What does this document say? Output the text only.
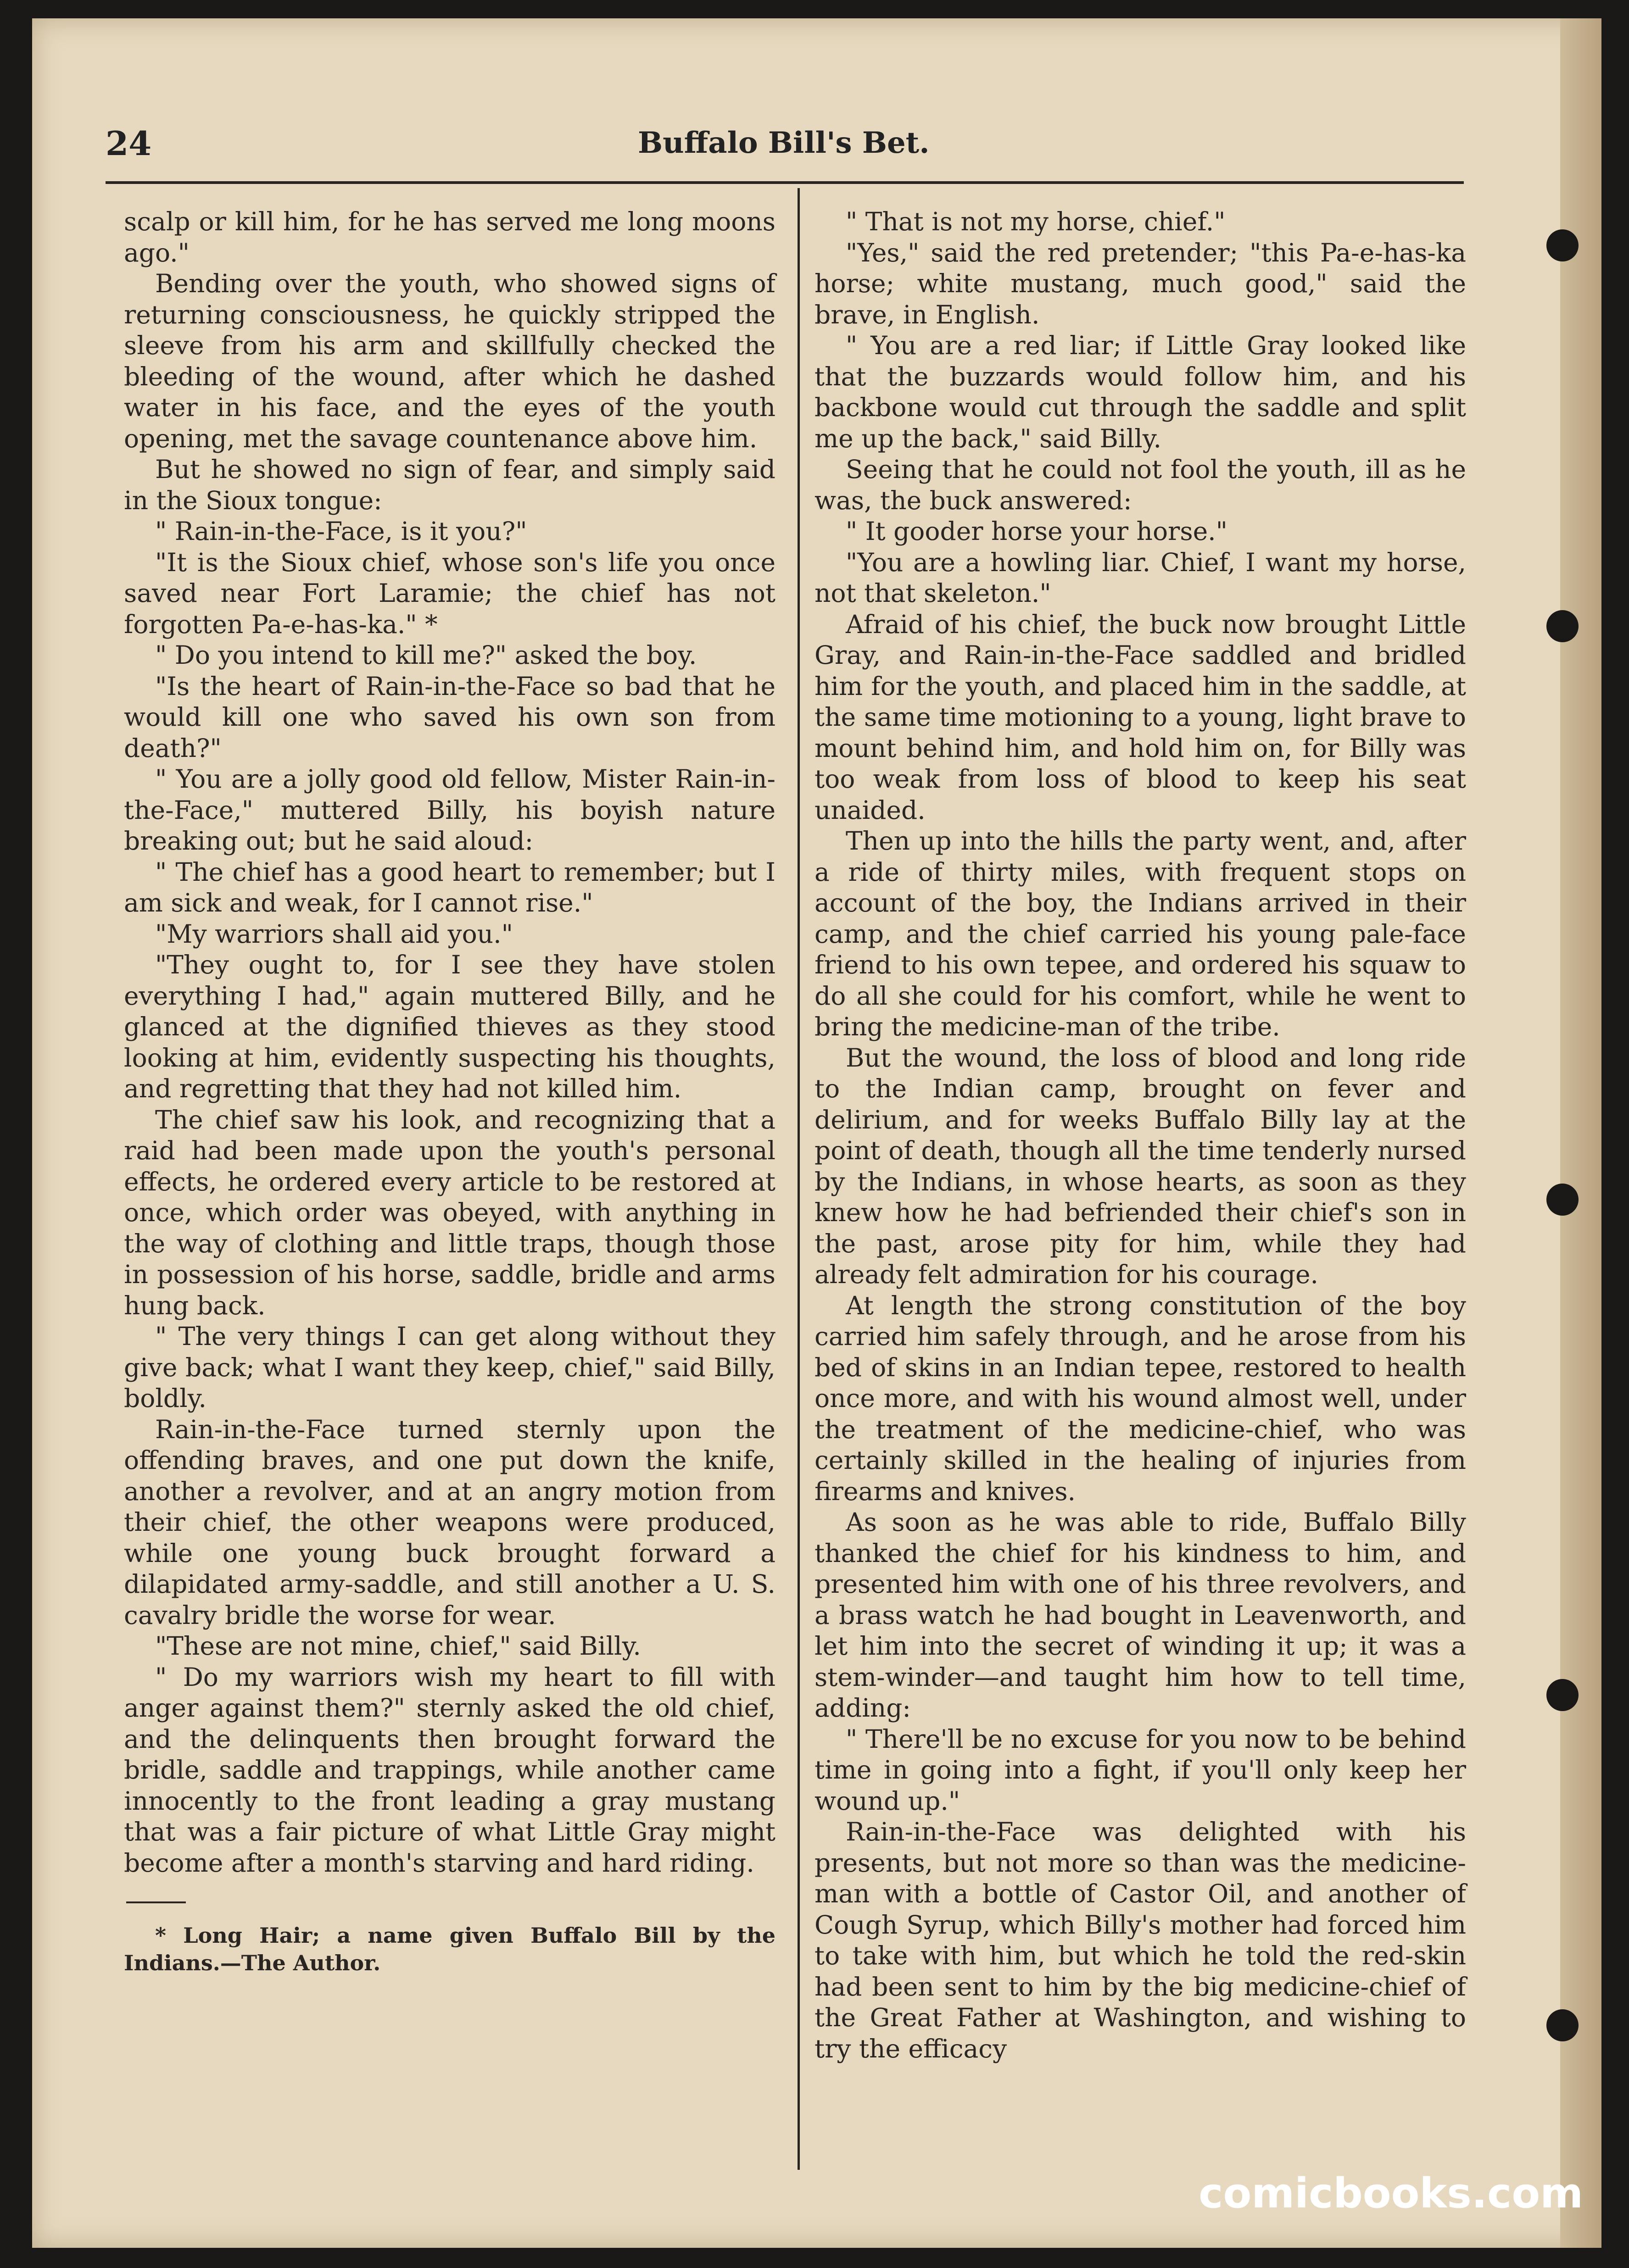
24	Buffalo Bill's Bet.

scalp or kill him, for he has served me long moons ago."

Bending over the youth, who showed signs of returning consciousness, he quickly stripped the sleeve from his arm and skillfully checked the bleeding of the wound, after which he dashed water in his face, and the eyes of the youth opening, met the savage countenance above him.

But he showed no sign of fear, and simply said in the Sioux tongue:

" Rain-in-the-Face, is it you?"

"It is the Sioux chief, whose son's life you once saved near Fort Laramie; the chief has not forgotten Pa-e-has-ka." *

" Do you intend to kill me?" asked the boy.

"Is the heart of Rain-in-the-Face so bad that he would kill one who saved his own son from death?"

" You are a jolly good old fellow, Mister Rain-in-the-Face," muttered Billy, his boyish nature breaking out; but he said aloud:

" The chief has a good heart to remember; but I am sick and weak, for I cannot rise."

"My warriors shall aid you."

"They ought to, for I see they have stolen everything I had," again muttered Billy, and he glanced at the dignified thieves as they stood looking at him, evidently suspecting his thoughts, and regretting that they had not killed him.

The chief saw his look, and recognizing that a raid had been made upon the youth's personal effects, he ordered every article to be restored at once, which order was obeyed, with anything in the way of clothing and little traps, though those in possession of his horse, saddle, bridle and arms hung back.

" The very things I can get along without they give back; what I want they keep, chief," said Billy, boldly.

Rain-in-the-Face turned sternly upon the offending braves, and one put down the knife, another a revolver, and at an angry motion from their chief, the other weapons were produced, while one young buck brought forward a dilapidated army-saddle, and still another a U. S. cavalry bridle the worse for wear.

"These are not mine, chief," said Billy.

" Do my warriors wish my heart to fill with anger against them?" sternly asked the old chief, and the delinquents then brought forward the bridle, saddle and trappings, while another came innocently to the front leading a gray mustang that was a fair picture of what Little Gray might become after a month's starving and hard riding.

* Long Hair; a name given Buffalo Bill by the Indians.—The Author.

" That is not my horse, chief."

"Yes," said the red pretender; "this Pa-e-has-ka horse; white mustang, much good," said the brave, in English.

" You are a red liar; if Little Gray looked like that the buzzards would follow him, and his backbone would cut through the saddle and split me up the back," said Billy.

Seeing that he could not fool the youth, ill as he was, the buck answered:

" It gooder horse your horse."

"You are a howling liar. Chief, I want my horse, not that skeleton."

Afraid of his chief, the buck now brought Little Gray, and Rain-in-the-Face saddled and bridled him for the youth, and placed him in the saddle, at the same time motioning to a young, light brave to mount behind him, and hold him on, for Billy was too weak from loss of blood to keep his seat unaided.

Then up into the hills the party went, and, after a ride of thirty miles, with frequent stops on account of the boy, the Indians arrived in their camp, and the chief carried his young pale-face friend to his own tepee, and ordered his squaw to do all she could for his comfort, while he went to bring the medicine-man of the tribe.

But the wound, the loss of blood and long ride to the Indian camp, brought on fever and delirium, and for weeks Buffalo Billy lay at the point of death, though all the time tenderly nursed by the Indians, in whose hearts, as soon as they knew how he had befriended their chief's son in the past, arose pity for him, while they had already felt admiration for his courage.

At length the strong constitution of the boy carried him safely through, and he arose from his bed of skins in an Indian tepee, restored to health once more, and with his wound almost well, under the treatment of the medicine-chief, who was certainly skilled in the healing of injuries from firearms and knives.

As soon as he was able to ride, Buffalo Billy thanked the chief for his kindness to him, and presented him with one of his three revolvers, and a brass watch he had bought in Leavenworth, and let him into the secret of winding it up; it was a stem-winder—and taught him how to tell time, adding:

" There'll be no excuse for you now to be behind time in going into a fight, if you'll only keep her wound up."

Rain-in-the-Face was delighted with his presents, but not more so than was the medicine-man with a bottle of Castor Oil, and another of Cough Syrup, which Billy's mother had forced him to take with him, but which he told the red-skin had been sent to him by the big medicine-chief of the Great Father at Washington, and wishing to try the efficacy

comicbooks.com
